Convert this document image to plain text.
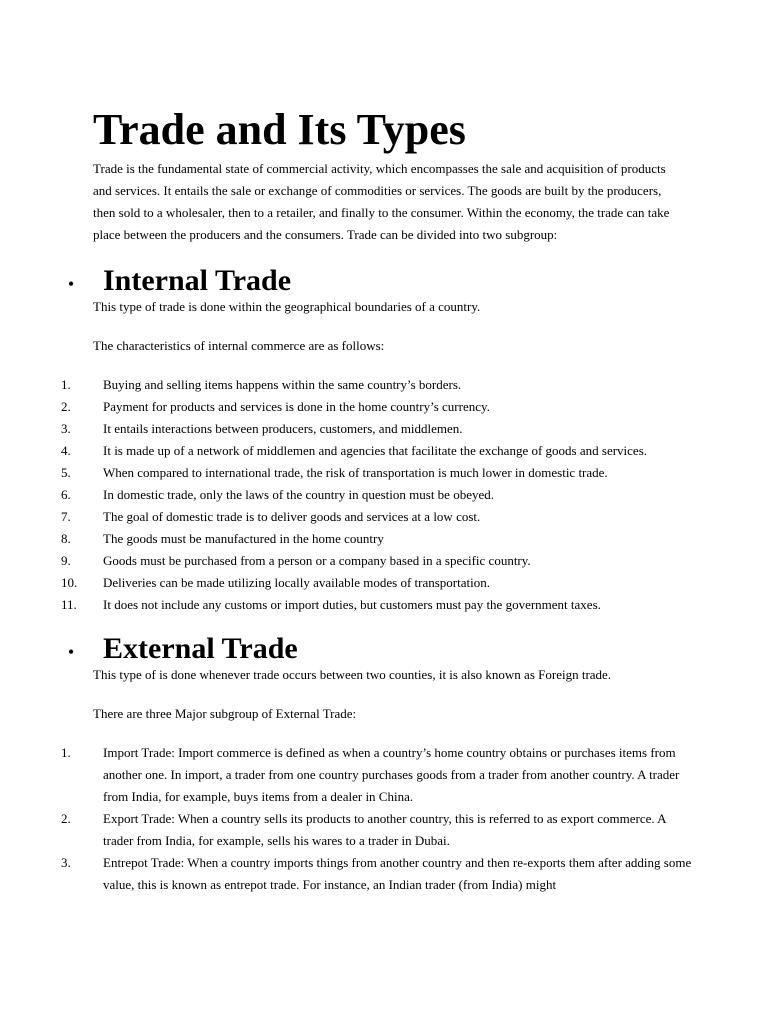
Trade and Its Types

Trade is the fundamental state of commercial activity, which encompasses the sale and acquisition of products and services. It entails the sale or exchange of commodities or services. The goods are built by the producers, then sold to a wholesaler, then to a retailer, and finally to the consumer. Within the economy, the trade can take place between the producers and the consumers. Trade can be divided into two subgroup:

• Internal Trade

This type of trade is done within the geographical boundaries of a country.

The characteristics of internal commerce are as follows:

1.	Buying and selling items happens within the same country’s borders.
2.	Payment for products and services is done in the home country’s currency.
3.	It entails interactions between producers, customers, and middlemen.
4.	It is made up of a network of middlemen and agencies that facilitate the exchange of goods and services.
5.	When compared to international trade, the risk of transportation is much lower in domestic trade.
6.	In domestic trade, only the laws of the country in question must be obeyed.
7.	The goal of domestic trade is to deliver goods and services at a low cost.
8.	The goods must be manufactured in the home country
9.	Goods must be purchased from a person or a company based in a specific country.
10.	Deliveries can be made utilizing locally available modes of transportation.
11.	It does not include any customs or import duties, but customers must pay the government taxes.
• External Trade

This type of is done whenever trade occurs between two counties, it is also known as Foreign trade.

There are three Major subgroup of External Trade:

1.	Import Trade: Import commerce is defined as when a country’s home country obtains or purchases items from another one. In import, a trader from one country purchases goods from a trader from another country. A trader from India, for example, buys items from a dealer in China.
2.	Export Trade: When a country sells its products to another country, this is referred to as export commerce. A trader from India, for example, sells his wares to a trader in Dubai.
3.	Entrepot Trade: When a country imports things from another country and then re-exports them after adding some value, this is known as entrepot trade. For instance, an Indian trader (from India) might
